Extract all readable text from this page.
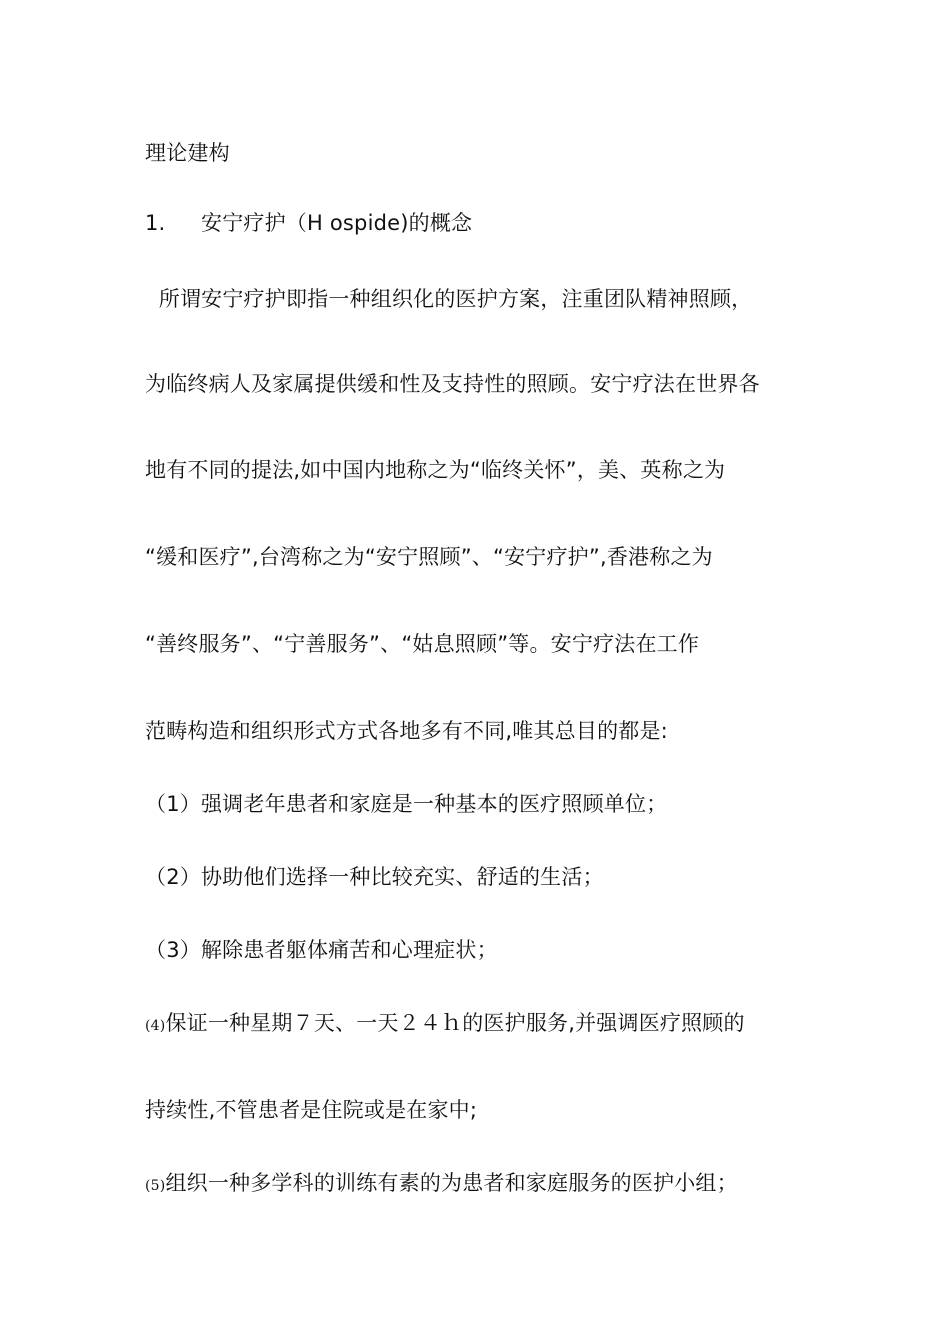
理论建构
1. 安宁疗护（H ospide)的概念
所谓安宁疗护即指一种组织化的医护方案，注重团队精神照顾，
为临终病人及家属提供缓和性及支持性的照顾。安宁疗法在世界各
地有不同的提法,如中国内地称之为“临终关怀”，美、英称之为
“缓和医疗”,台湾称之为“安宁照顾”、“安宁疗护”,香港称之为
“善终服务”、“宁善服务”、“姑息照顾”等。安宁疗法在工作
范畴构造和组织形式方式各地多有不同,唯其总目的都是:
（1）强调老年患者和家庭是一种基本的医疗照顾单位；
（2）协助他们选择一种比较充实、舒适的生活；
（3）解除患者躯体痛苦和心理症状；
(4)保证一种星期７天、一天２４ｈ的医护服务,并强调医疗照顾的
持续性,不管患者是住院或是在家中;
(5)组织一种多学科的训练有素的为患者和家庭服务的医护小组；
